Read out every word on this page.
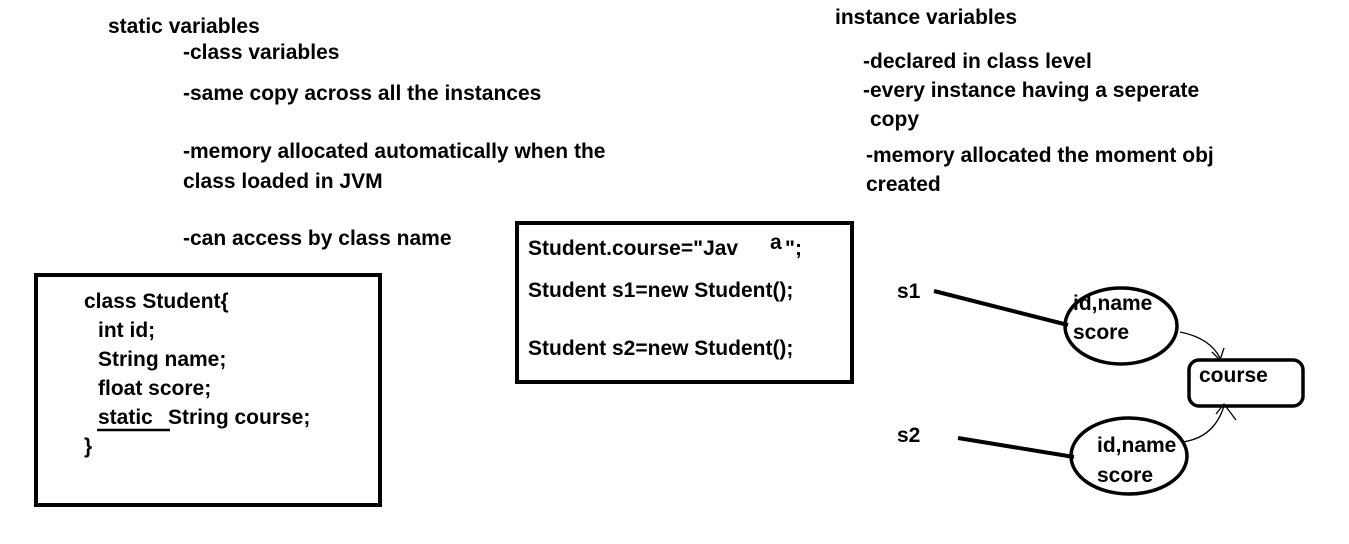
static variables
-class variables
-same copy across all the instances
-memory allocated automatically when the
class loaded in JVM
-can access by class name
instance variables
-declared in class level
-every instance having a seperate
copy
-memory allocated the moment obj
created
class Student{
int id;
String name;
float score;
static String course;
}
Student.course="Jav a ";
Student s1=new Student();
Student s2=new Student();
s1
s2
id,name
score
id,name
score
course
